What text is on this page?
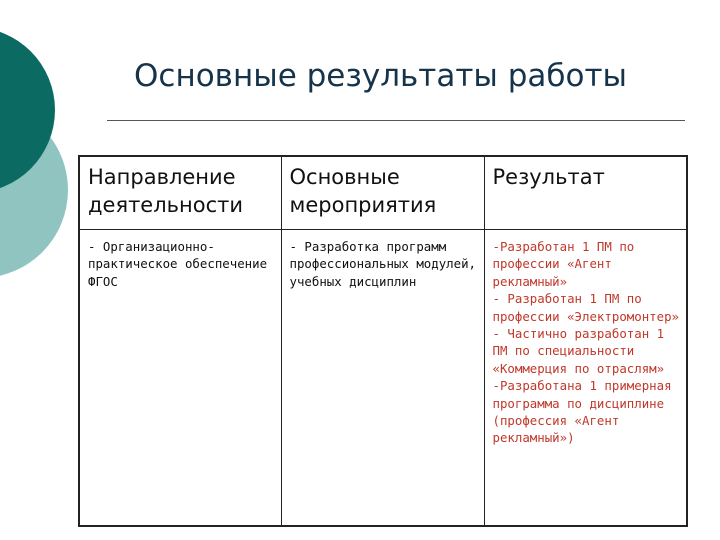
Основные результаты работы
Направление деятельности	Основные мероприятия	Результат
- Организационно-практическое обеспечение ФГОС	- Разработка программ профессиональных модулей, учебных дисциплин	-Разработан 1 ПМ по профессии «Агент рекламный»
- Разработан 1 ПМ по профессии «Электромонтер»
- Частично разработан 1 ПМ по специальности «Коммерция по отраслям»
-Разработана 1 примерная программа по дисциплине (профессия «Агент рекламный»)
